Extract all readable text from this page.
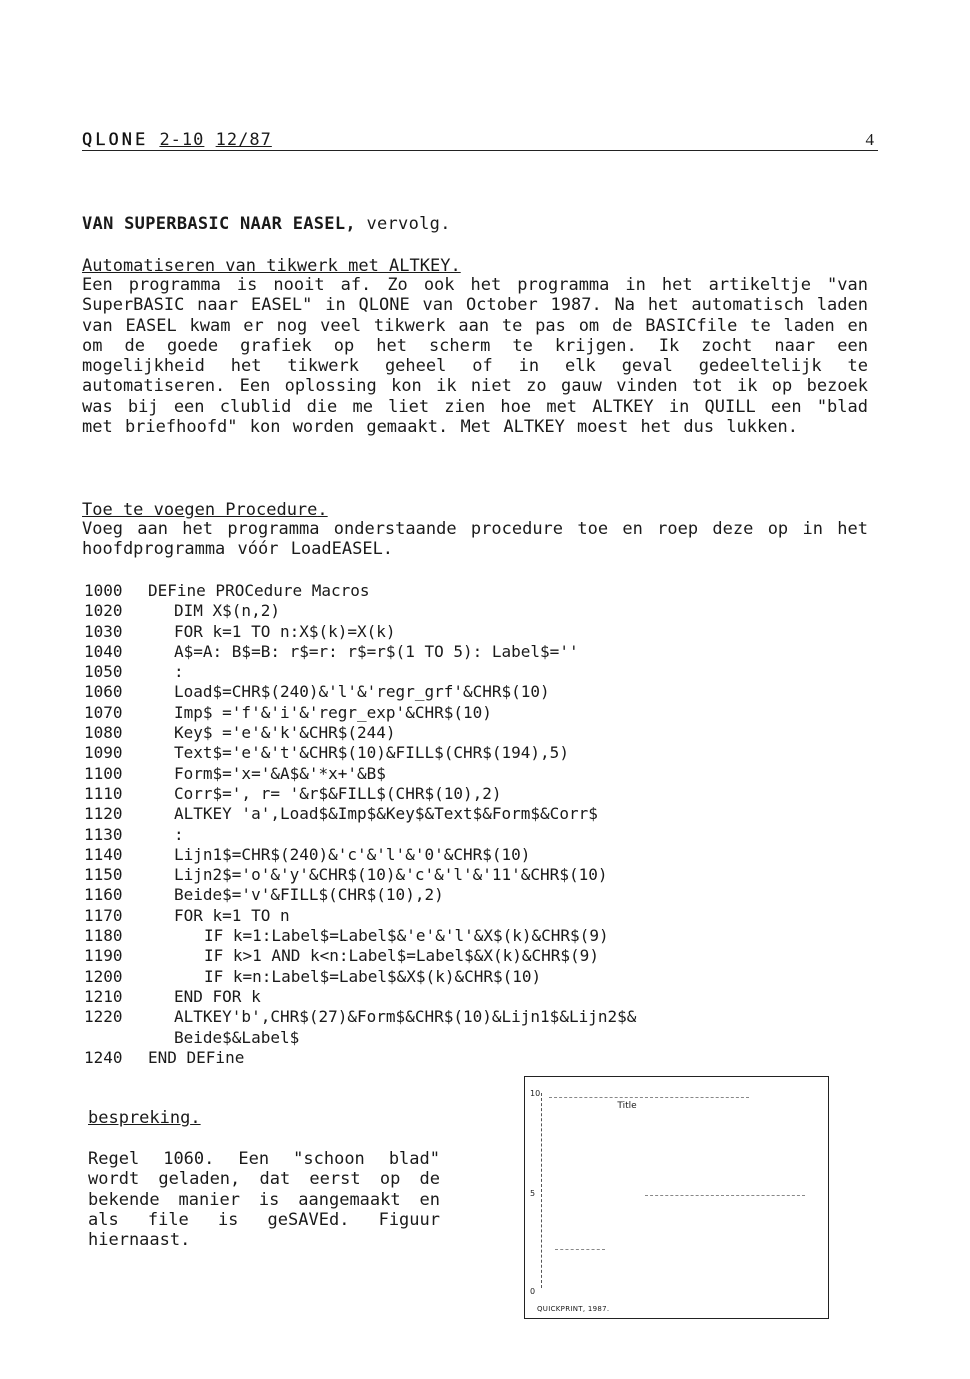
QLONE 2-10 12/87	4
VAN SUPERBASIC NAAR EASEL, vervolg.
Automatiseren van tikwerk met ALTKEY.

Een programma is nooit af. Zo ook het programma in het artikeltje "van SuperBASIC naar EASEL" in QLONE van October 1987. Na het automatisch laden van EASEL kwam er nog veel tikwerk aan te pas om de BASICfile te laden en om de goede grafiek op het scherm te krijgen. Ik zocht naar een mogelijkheid het tikwerk geheel of in elk geval gedeeltelijk te automatiseren. Een oplossing kon ik niet zo gauw vinden tot ik op bezoek was bij een clublid die me liet zien hoe met ALTKEY in QUILL een "blad met briefhoofd" kon worden gemaakt. Met ALTKEY moest het dus lukken.

Toe te voegen Procedure.

Voeg aan het programma onderstaande procedure toe en roep deze op in het hoofdprogramma vóór LoadEASEL.

1000 DEFine PROCedure Macros
1020	DIM X$(n,2)
1030	FOR k=1 TO n:X$(k)=X(k)
1040	A$=A: B$=B: r$=r: r$=r$(1 TO 5): Label$=''
1050	:
1060	Load$=CHR$(240)&'l'&'regr_grf'&CHR$(10)
1070	Imp$ ='f'&'i'&'regr_exp'&CHR$(10)
1080	Key$ ='e'&'k'&CHR$(244)
1090	Text$='e'&'t'&CHR$(10)&FILL$(CHR$(194),5)
1100	Form$='x='&A$&'*x+'&B$
1110	Corr$=', r= '&r$&FILL$(CHR$(10),2)
1120	ALTKEY 'a',Load$&Imp$&Key$&Text$&Form$&Corr$
1130	:
1140	Lijn1$=CHR$(240)&'c'&'l'&'0'&CHR$(10)
1150	Lijn2$='o'&'y'&CHR$(10)&'c'&'l'&'11'&CHR$(10)
1160	Beide$='v'&FILL$(CHR$(10),2)
1170	FOR k=1 TO n
1180	IF k=1:Label$=Label$&'e'&'l'&X$(k)&CHR$(9)
1190	IF k>1 AND k<n:Label$=Label$&X(k)&CHR$(9)
1200	IF k=n:Label$=Label$&X$(k)&CHR$(10)
1210	END FOR k
1220	ALTKEY'b',CHR$(27)&Form$&CHR$(10)&Lijn1$&Lijn2$&
Beide$&Label$
1240 END DEFine
bespreking.
Regel 1060. Een "schoon blad" wordt geladen, dat eerst op de bekende manier is aangemaakt en als file is geSAVEd. Figuur hiernaast.
10
5
0
Title
QUICKPRINT, 1987.
